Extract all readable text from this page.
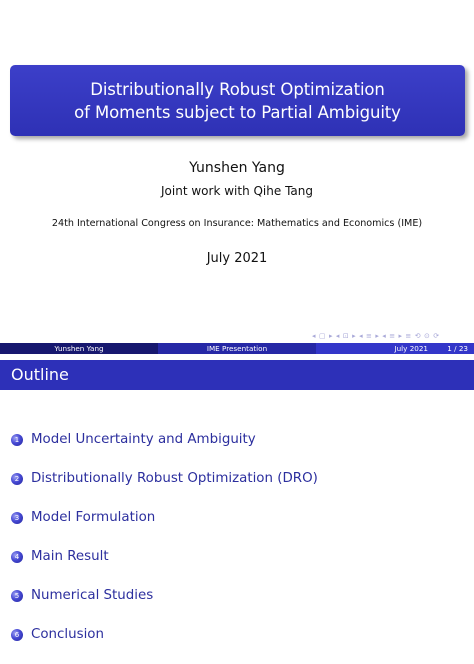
Distributionally Robust Optimization
of Moments subject to Partial Ambiguity
Yunshen Yang
Joint work with Qihe Tang
24th International Congress on Insurance: Mathematics and Economics (IME)
July 2021
◂ ▢ ▸ ◂ ⊡ ▸ ◂ ≡ ▸ ◂ ≡ ▸ ≡ ⟲ ⊙ ⟳
Yunshen Yang	IME Presentation	July 2021	1 / 23
Outline
1 Model Uncertainty and Ambiguity
2 Distributionally Robust Optimization (DRO)
3 Model Formulation
4 Main Result
5 Numerical Studies
6 Conclusion
